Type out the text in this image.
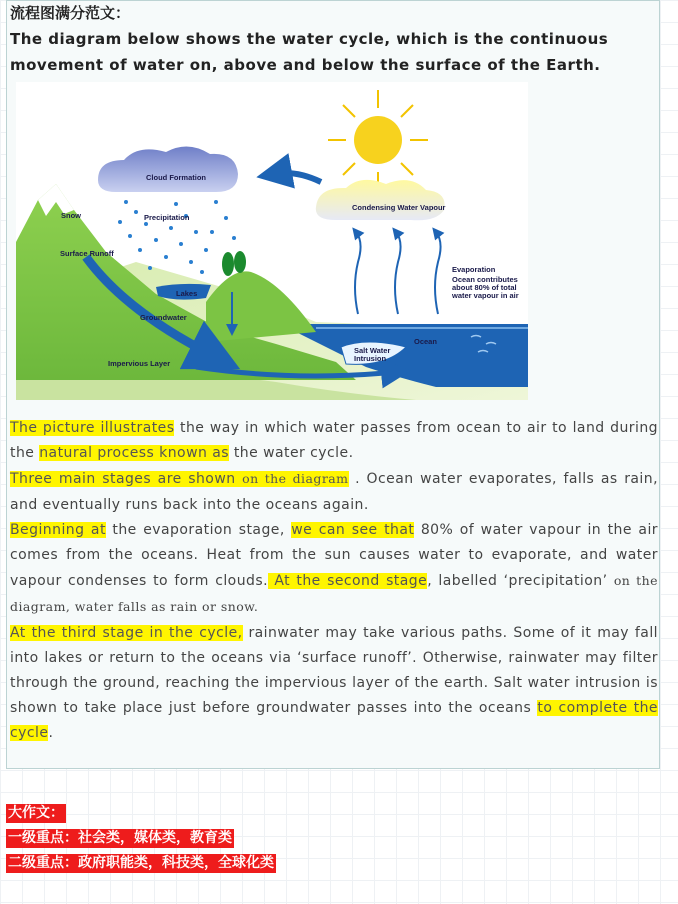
流程图满分范文：
The diagram below shows the water cycle, which is the continuous movement of water on, above and below the surface of the Earth.
Cloud Formation
Snow	Precipitation
Surface Runoff
Lakes
Groundwater
Impervious Layer
Condensing Water Vapour
Evaporation
Ocean contributes
about 80% of total
water vapour in air
Ocean
Salt Water
Intrusion

The picture illustrates the way in which water passes from ocean to air to land during the natural process known as the water cycle.

Three main stages are shown on the diagram . Ocean water evaporates, falls as rain, and eventually runs back into the oceans again.

Beginning at the evaporation stage, we can see that 80% of water vapour in the air comes from the oceans. Heat from the sun causes water to evaporate, and water vapour condenses to form clouds. At the second stage, labelled ‘precipitation’ on the diagram, water falls as rain or snow.

At the third stage in the cycle, rainwater may take various paths. Some of it may fall into lakes or return to the oceans via ‘surface runoff’. Otherwise, rainwater may filter through the ground, reaching the impervious layer of the earth. Salt water intrusion is shown to take place just before groundwater passes into the oceans to complete the cycle.

大作文：
一级重点：社会类，媒体类，教育类
二级重点：政府职能类，科技类，全球化类
